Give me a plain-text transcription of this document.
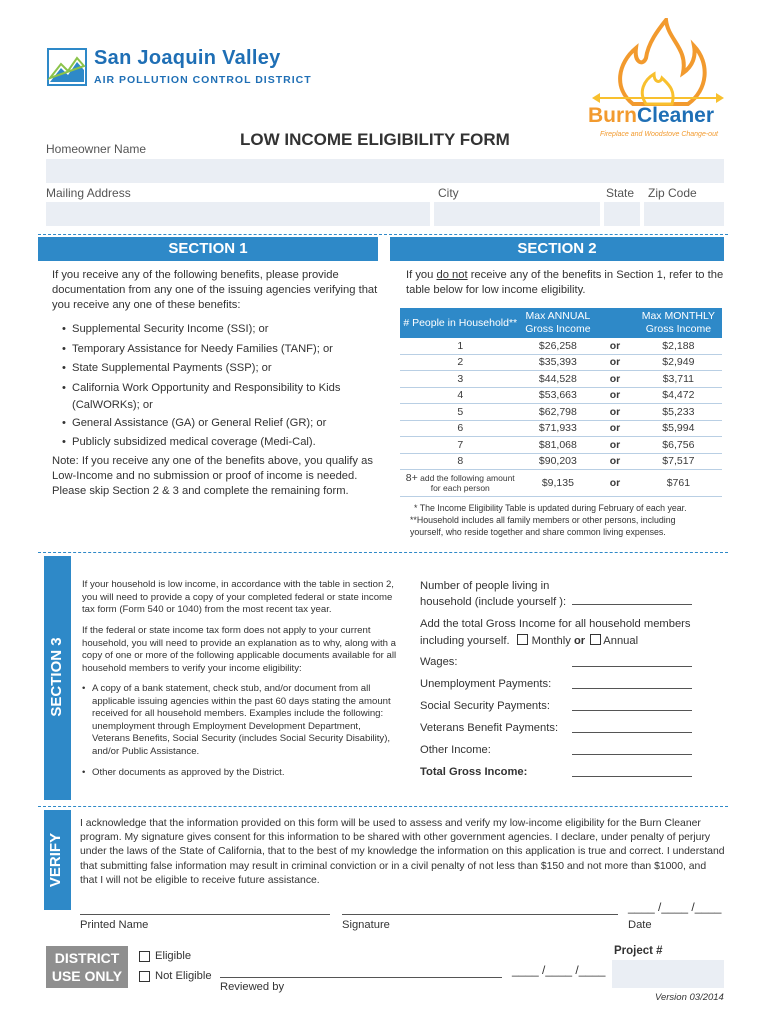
San Joaquin Valley
AIR POLLUTION CONTROL DISTRICT
BurnCleaner
Fireplace and Woodstove Change-out
LOW INCOME ELIGIBILITY FORM
Homeowner Name
Mailing Address	City	State Zip Code
SECTION 1
If you receive any of the following benefits, please provide documentation from any one of the issuing agencies verifying that you receive any one of these benefits:
• Supplemental Security Income (SSI); or
• Temporary Assistance for Needy Families (TANF); or
• State Supplemental Payments (SSP); or
• California Work Opportunity and Responsibility to Kids (CalWORKs); or
• General Assistance (GA) or General Relief (GR); or
• Publicly subsidized medical coverage (Medi-Cal).
Note: If you receive any one of the benefits above, you qualify as Low-Income and no submission or proof of income is needed. Please skip Section 2 & 3 and complete the remaining form.
SECTION 2
If you do not receive any of the benefits in Section 1, refer to the table below for low income eligibility.
# People in Household**	Max ANNUAL Gross Income		Max MONTHLY Gross Income
1	$26,258	or	$2,188
2	$35,393	or	$2,949
3	$44,528	or	$3,711
4	$53,663	or	$4,472
5	$62,798	or	$5,233
6	$71,933	or	$5,994
7	$81,068	or	$6,756
8	$90,203	or	$7,517
8+ add the following amount for each person	$9,135	or	$761
* The Income Eligibility Table is updated during February of each year.
**Household includes all family members or other persons, including yourself, who reside together and share common living expenses.
SECTION 3
If your household is low income, in accordance with the table in section 2, you will need to provide a copy of your completed federal or state income tax form (Form 540 or 1040) from the most recent tax year.
If the federal or state income tax form does not apply to your current household, you will need to provide an explanation as to why, along with a copy of one or more of the following applicable documents available for all household members to verify your income eligibility:
• A copy of a bank statement, check stub, and/or document from all applicable issuing agencies within the past 60 days stating the amount received for all household members. Examples include the following: unemployment through Employment Development Department, Veterans Benefits, Social Security (includes Social Security Disability), and/or Public Assistance.
• Other documents as approved by the District.
Number of people living in household (include yourself ):
Add the total Gross Income for all household members including yourself. Monthly or Annual
Wages:
Unemployment Payments:
Social Security Payments:
Veterans Benefit Payments:
Other Income:
Total Gross Income:
VERIFY
I acknowledge that the information provided on this form will be used to assess and verify my low-income eligibility for the Burn Cleaner program. My signature gives consent for this information to be shared with other government agencies. I declare, under penalty of perjury under the laws of the State of California, that to the best of my knowledge the information on this application is true and correct. I understand that submitting false information may result in criminal conviction or in a civil penalty of not less than $150 and not more than $1000, and that I will not be eligible to receive future assistance.
____ /____ /____
Printed Name	Signature	Date
DISTRICT
USE ONLY
Eligible
Not Eligible
Reviewed by
____ /____ /____
Project #
Version 03/2014
